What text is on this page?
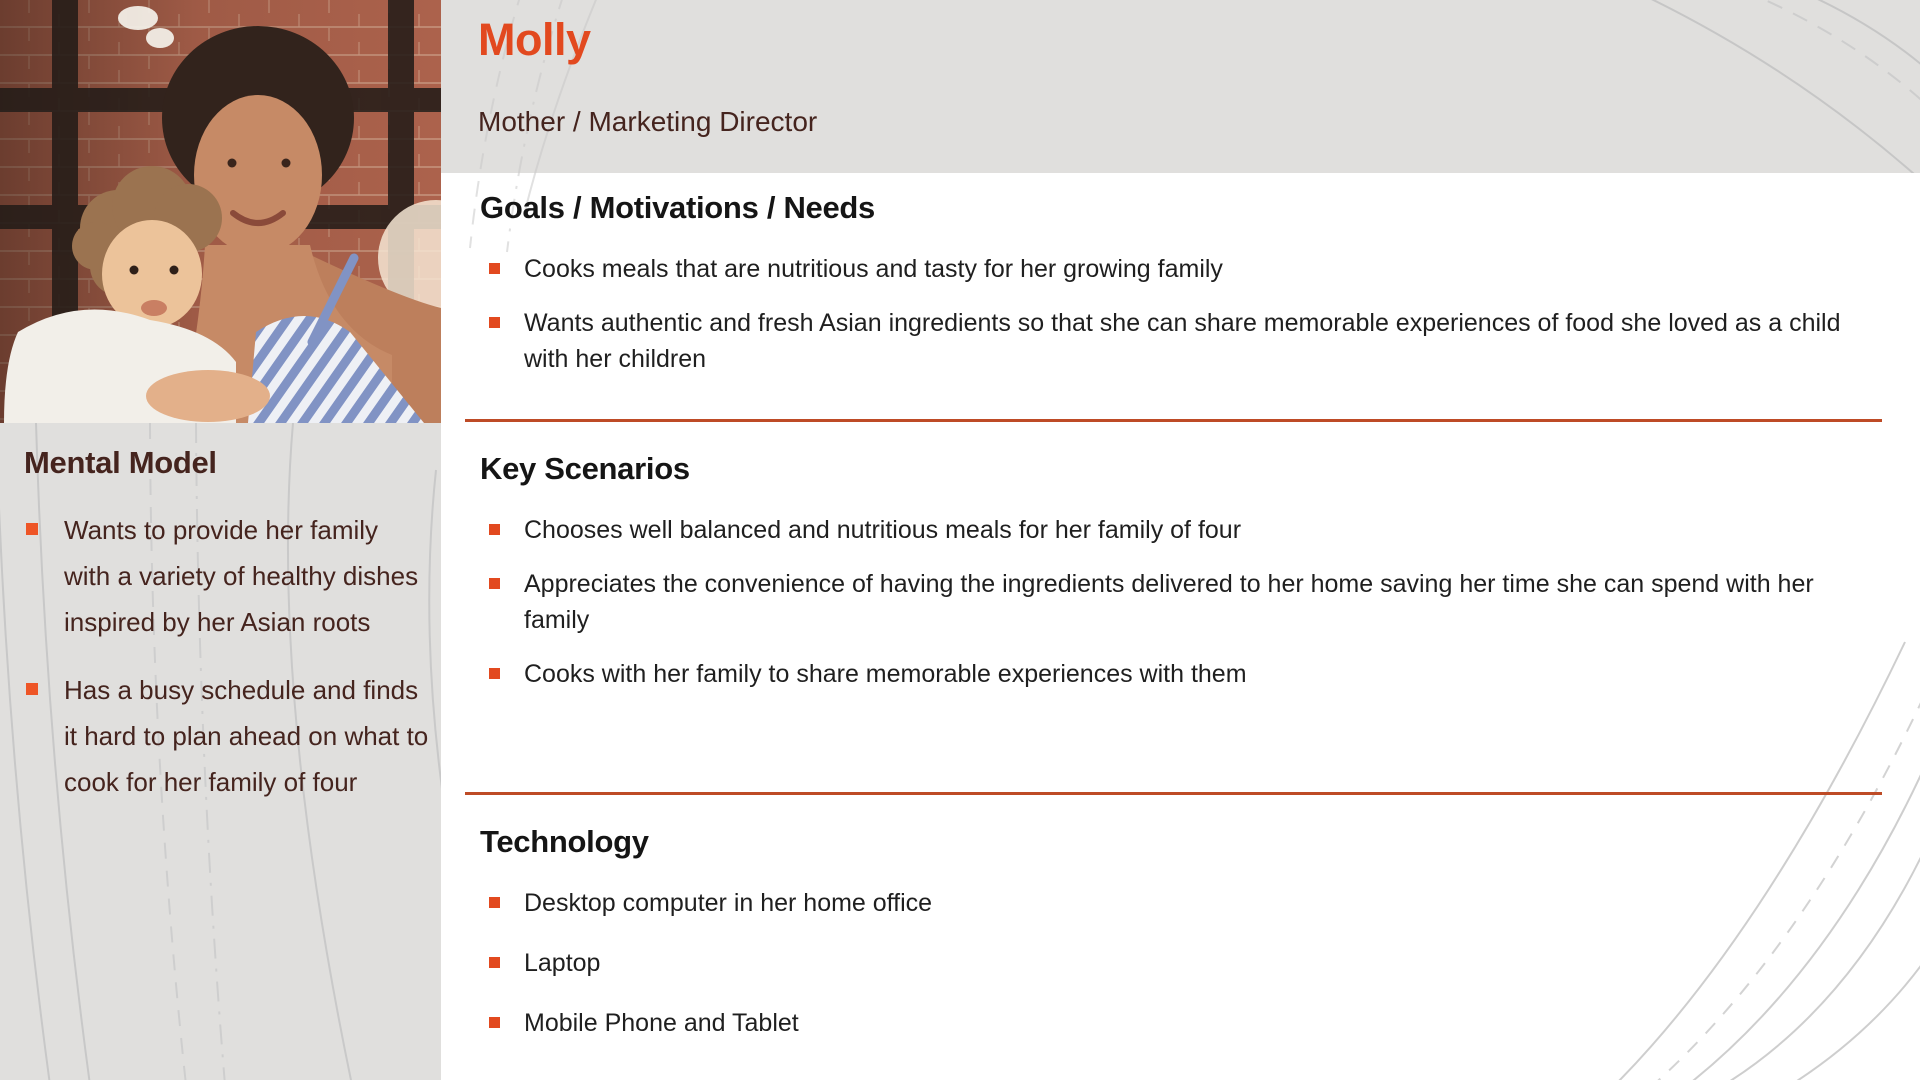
Molly
Mother / Marketing Director
Mental Model
Wants to provide her family with a variety of healthy dishes inspired by her Asian roots
Has a busy schedule and finds it hard to plan ahead on what to cook for her family of four
Goals / Motivations / Needs
Cooks meals that are nutritious and tasty for her growing family
Wants authentic and fresh Asian ingredients so that she can share memorable experiences of food she loved as a child with her children
Key Scenarios
Chooses well balanced and nutritious meals for her family of four
Appreciates the convenience of having the ingredients delivered to her home saving her time she can spend with her family
Cooks with her family to share memorable experiences with them
Technology
Desktop computer in her home office
Laptop
Mobile Phone and Tablet
